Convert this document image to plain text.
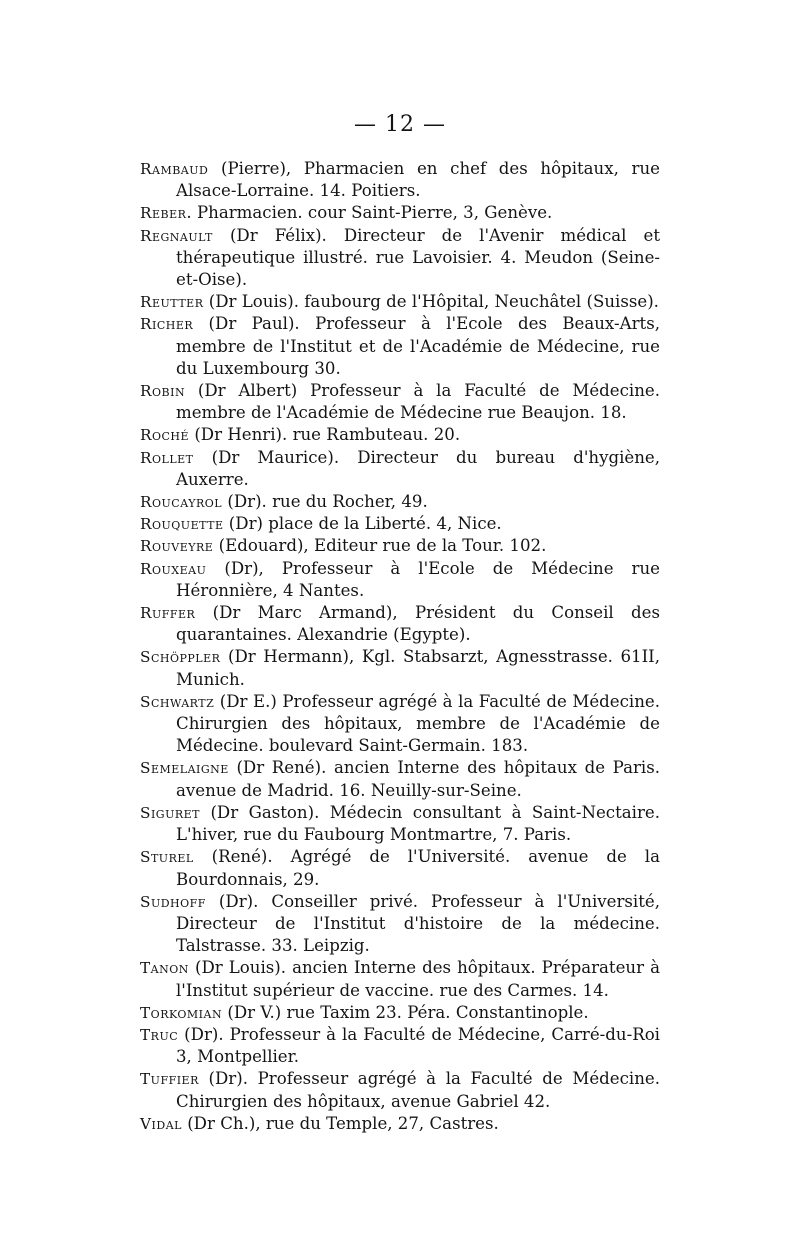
— 12 —

Rambaud (Pierre), Pharmacien en chef des hôpitaux, rue Alsace-Lorraine. 14. Poitiers.

Reber. Pharmacien. cour Saint-Pierre, 3, Genève.

Regnault (Dr Félix). Directeur de l'Avenir médical et thérapeutique illustré. rue Lavoisier. 4. Meudon (Seine-et-Oise).

Reutter (Dr Louis). faubourg de l'Hôpital, Neuchâtel (Suisse).

Richer (Dr Paul). Professeur à l'Ecole des Beaux-Arts, membre de l'Institut et de l'Académie de Médecine, rue du Luxembourg 30.

Robin (Dr Albert) Professeur à la Faculté de Médecine. membre de l'Académie de Médecine rue Beaujon. 18.

Roché (Dr Henri). rue Rambuteau. 20.

Rollet (Dr Maurice). Directeur du bureau d'hygiène, Auxerre.

Roucayrol (Dr). rue du Rocher, 49.

Rouquette (Dr) place de la Liberté. 4, Nice.

Rouveyre (Edouard), Editeur rue de la Tour. 102.

Rouxeau (Dr), Professeur à l'Ecole de Médecine rue Héronnière, 4 Nantes.

Ruffer (Dr Marc Armand), Président du Conseil des quarantaines. Alexandrie (Egypte).

Schöppler (Dr Hermann), Kgl. Stabsarzt, Agnesstrasse. 61II, Munich.

Schwartz (Dr E.) Professeur agrégé à la Faculté de Médecine. Chirurgien des hôpitaux, membre de l'Académie de Médecine. boulevard Saint-Germain. 183.

Semelaigne (Dr René). ancien Interne des hôpitaux de Paris. avenue de Madrid. 16. Neuilly-sur-Seine.

Siguret (Dr Gaston). Médecin consultant à Saint-Nectaire. L'hiver, rue du Faubourg Montmartre, 7. Paris.

Sturel (René). Agrégé de l'Université. avenue de la Bourdonnais, 29.

Sudhoff (Dr). Conseiller privé. Professeur à l'Université, Directeur de l'Institut d'histoire de la médecine. Talstrasse. 33. Leipzig.

Tanon (Dr Louis). ancien Interne des hôpitaux. Préparateur à l'Institut supérieur de vaccine. rue des Carmes. 14.

Torkomian (Dr V.) rue Taxim 23. Péra. Constantinople.

Truc (Dr). Professeur à la Faculté de Médecine, Carré-du-Roi 3, Montpellier.

Tuffier (Dr). Professeur agrégé à la Faculté de Médecine. Chirurgien des hôpitaux, avenue Gabriel 42.

Vidal (Dr Ch.), rue du Temple, 27, Castres.
